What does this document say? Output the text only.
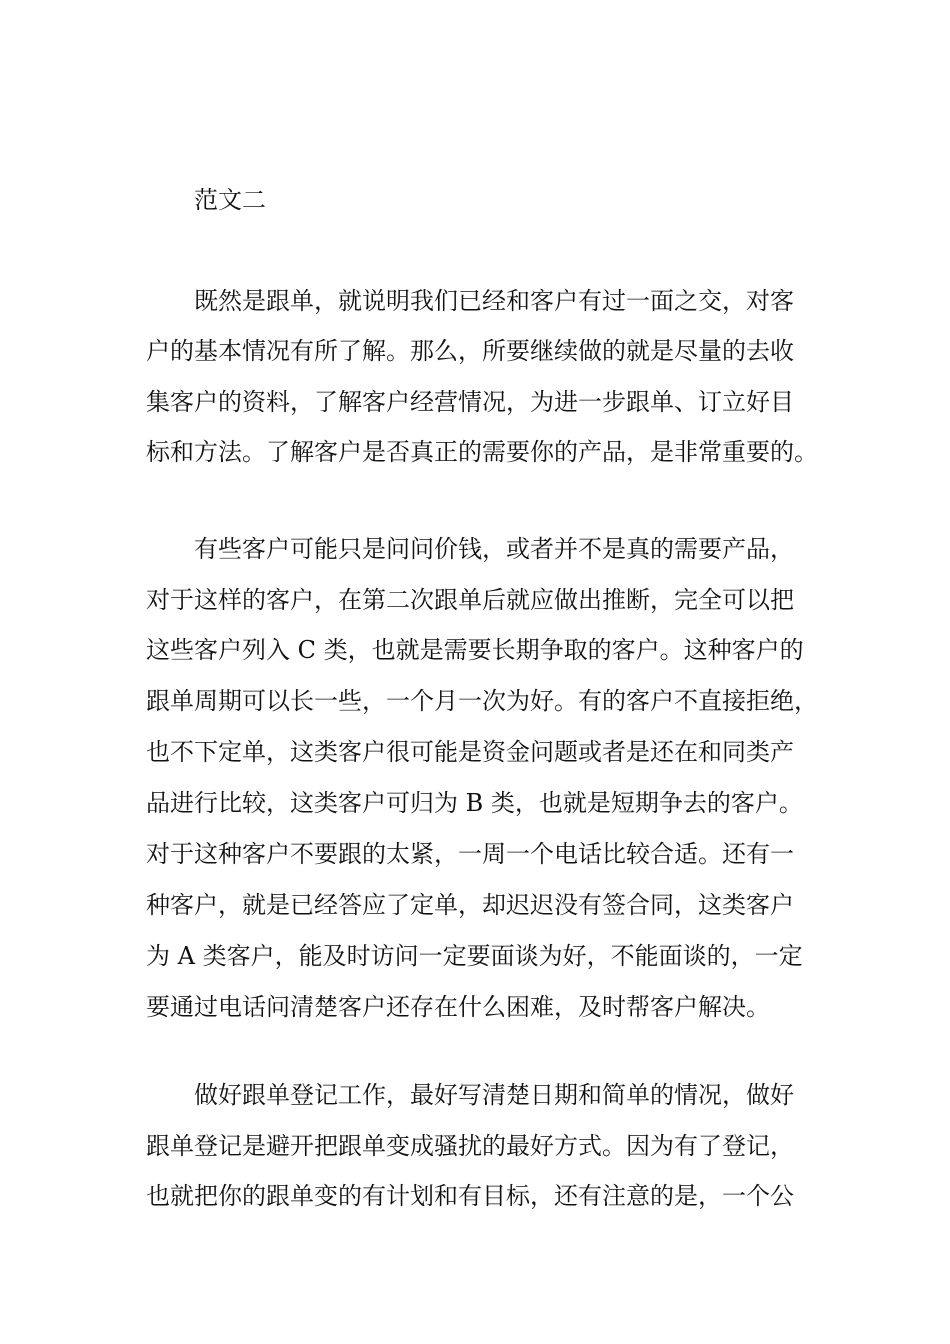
范文二
既然是跟单，就说明我们已经和客户有过一面之交，对客
户的基本情况有所了解。那么，所要继续做的就是尽量的去收
集客户的资料，了解客户经营情况，为进一步跟单、订立好目
标和方法。了解客户是否真正的需要你的产品，是非常重要的。
有些客户可能只是问问价钱，或者并不是真的需要产品，
对于这样的客户，在第二次跟单后就应做出推断，完全可以把
这些客户列入 C 类，也就是需要长期争取的客户。这种客户的
跟单周期可以长一些，一个月一次为好。有的客户不直接拒绝，
也不下定单，这类客户很可能是资金问题或者是还在和同类产
品进行比较，这类客户可归为 B 类，也就是短期争去的客户。
对于这种客户不要跟的太紧，一周一个电话比较合适。还有一
种客户，就是已经答应了定单，却迟迟没有签合同，这类客户
为 A 类客户，能及时访问一定要面谈为好，不能面谈的，一定
要通过电话问清楚客户还存在什么困难，及时帮客户解决。
做好跟单登记工作，最好写清楚日期和简单的情况，做好
跟单登记是避开把跟单变成骚扰的最好方式。因为有了登记，
也就把你的跟单变的有计划和有目标，还有注意的是，一个公
